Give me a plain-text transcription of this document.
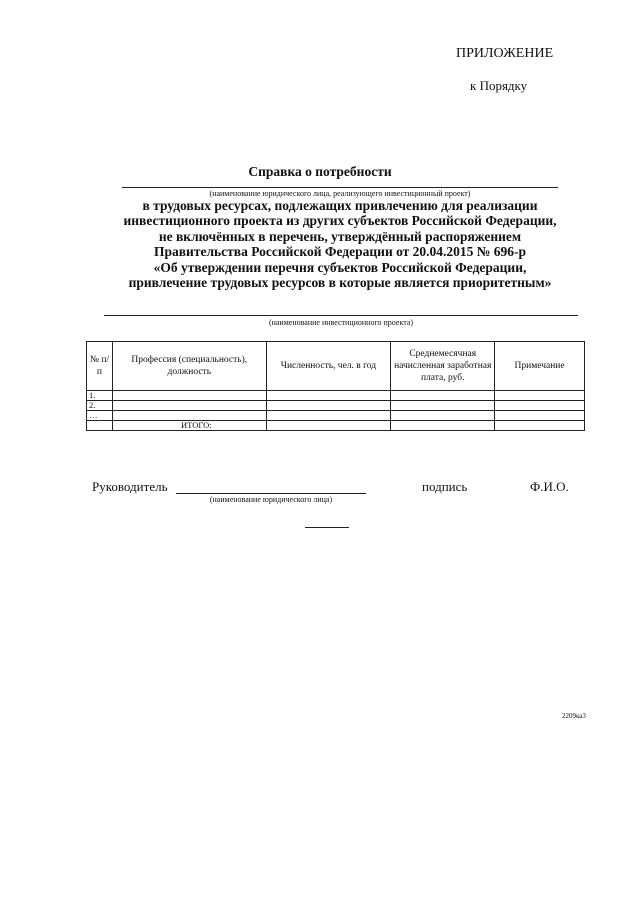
ПРИЛОЖЕНИЕ
к Порядку
Справка о потребности
(наименование юридического лица, реализующего инвестиционный проект)
в трудовых ресурсах, подлежащих привлечению для реализации
инвестиционного проекта из других субъектов Российской Федерации,
не включённых в перечень, утверждённый распоряжением
Правительства Российской Федерации от 20.04.2015 № 696-р
«Об утверждении перечня субъектов Российской Федерации,
привлечение трудовых ресурсов в которые является приоритетным»
(наименование инвестиционного проекта)
№ п/п	Профессия (специальность), должность	Численность, чел. в год	Среднемесячная начисленная заработная плата, руб.	Примечание
1.				
2.				
…				
	ИТОГО:			
Руководитель
(наименование юридического лица)
подпись	Ф.И.О.
2209ка3
